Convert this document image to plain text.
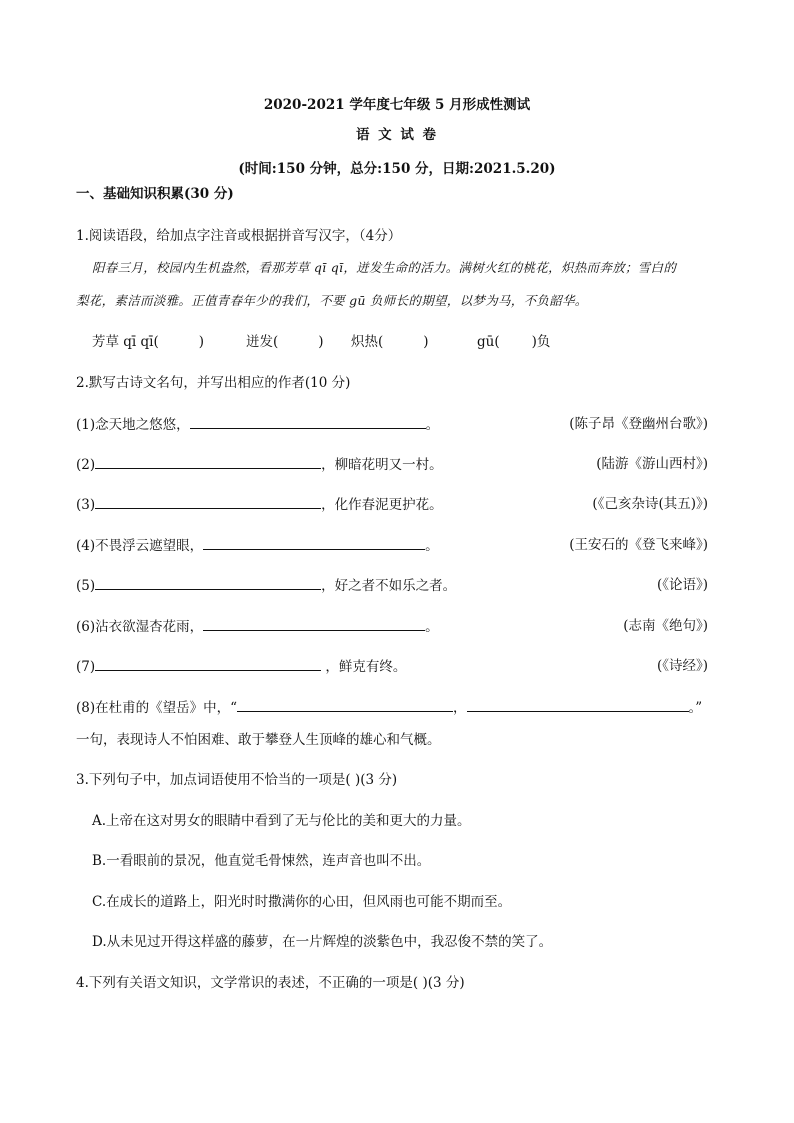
2020-2021 学年度七年级 5 月形成性测试
语 文 试 卷
(时间:150 分钟，总分:150 分，日期:2021.5.20)
一、基础知识积累(30 分)
1.阅读语段，给加点字注音或根据拼音写汉字，（4分）
阳春三月，校园内生机盎然，看那芳草 qī qī，迸发生命的活力。满树火红的桃花，炽热而奔放；雪白的
梨花，素洁而淡雅。正值青春年少的我们，不要 gū 负师长的期望，以梦为马，不负韶华。
芳草 qī qī(	)	迸发(	) 炽热(	)	gū( )负
2.默写古诗文名句，并写出相应的作者(10 分)
(1)念天地之悠悠，	。	(陈子昂《登幽州台歌》)
(2)	，柳暗花明又一村。	(陆游《游山西村》)
(3)	，化作春泥更护花。	(《己亥杂诗(其五)》)
(4)不畏浮云遮望眼，	。	(王安石的《登飞来峰》)
(5)	，好之者不如乐之者。	(《论语》)
(6)沾衣欲湿杏花雨，	。	(志南《绝句》)
(7)	，鲜克有终。	(《诗经》)
(8)在杜甫的《望岳》中，“	，	。”
一句，表现诗人不怕困难、敢于攀登人生顶峰的雄心和气概。
3.下列句子中，加点词语使用不恰当的一项是( )(3 分)
A.上帝在这对男女的眼睛中看到了无与伦比的美和更大的力量。
B.一看眼前的景况，他直觉毛骨悚然，连声音也叫不出。
C.在成长的道路上，阳光时时撒满你的心田，但风雨也可能不期而至。
D.从未见过开得这样盛的藤萝，在一片辉煌的淡紫色中，我忍俊不禁的笑了。
4.下列有关语文知识，文学常识的表述，不正确的一项是( )(3 分)
